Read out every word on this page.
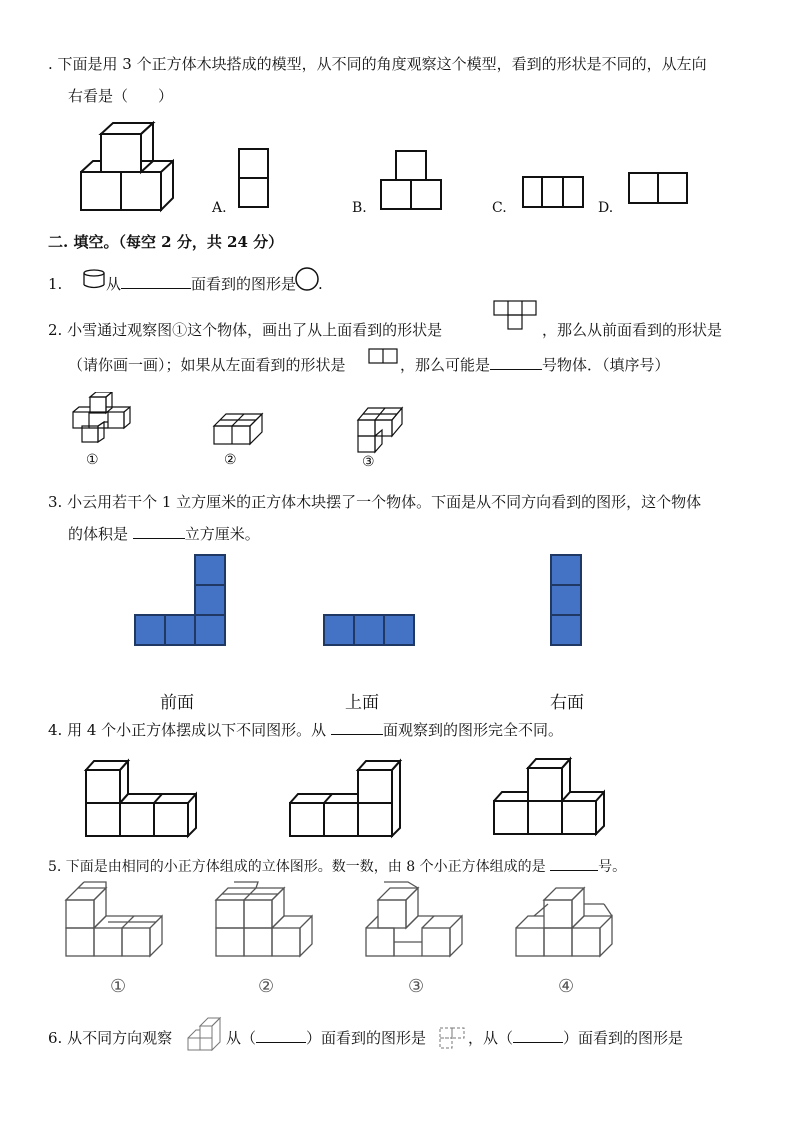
. 下面是用 3 个正方体木块搭成的模型，从不同的角度观察这个模型，看到的形状是不同的，从左向
右看是（　　）
A.	B.	C.	D.
二. 填空。（每空 2 分，共 24 分）
1.	从	面看到的图形是 .
2. 小雪通过观察图①这个物体，画出了从上面看到的形状是	，那么从前面看到的形状是
（请你画一画）；如果从左面看到的形状是	，那么可能是	号物体．（填序号）
①	②	③
3. 小云用若干个 1 立方厘米的正方体木块摆了一个物体。下面是从不同方向看到的图形，这个物体
的体积是	立方厘米。
前面	上面	右面
4. 用 4 个小正方体摆成以下不同图形。从	面观察到的图形完全不同。
5. 下面是由相同的小正方体组成的立体图形。数一数，由 8 个小正方体组成的是	号。
①	②	③	④
6. 从不同方向观察	从（	）面看到的图形是	，从（	）面看到的图形是
